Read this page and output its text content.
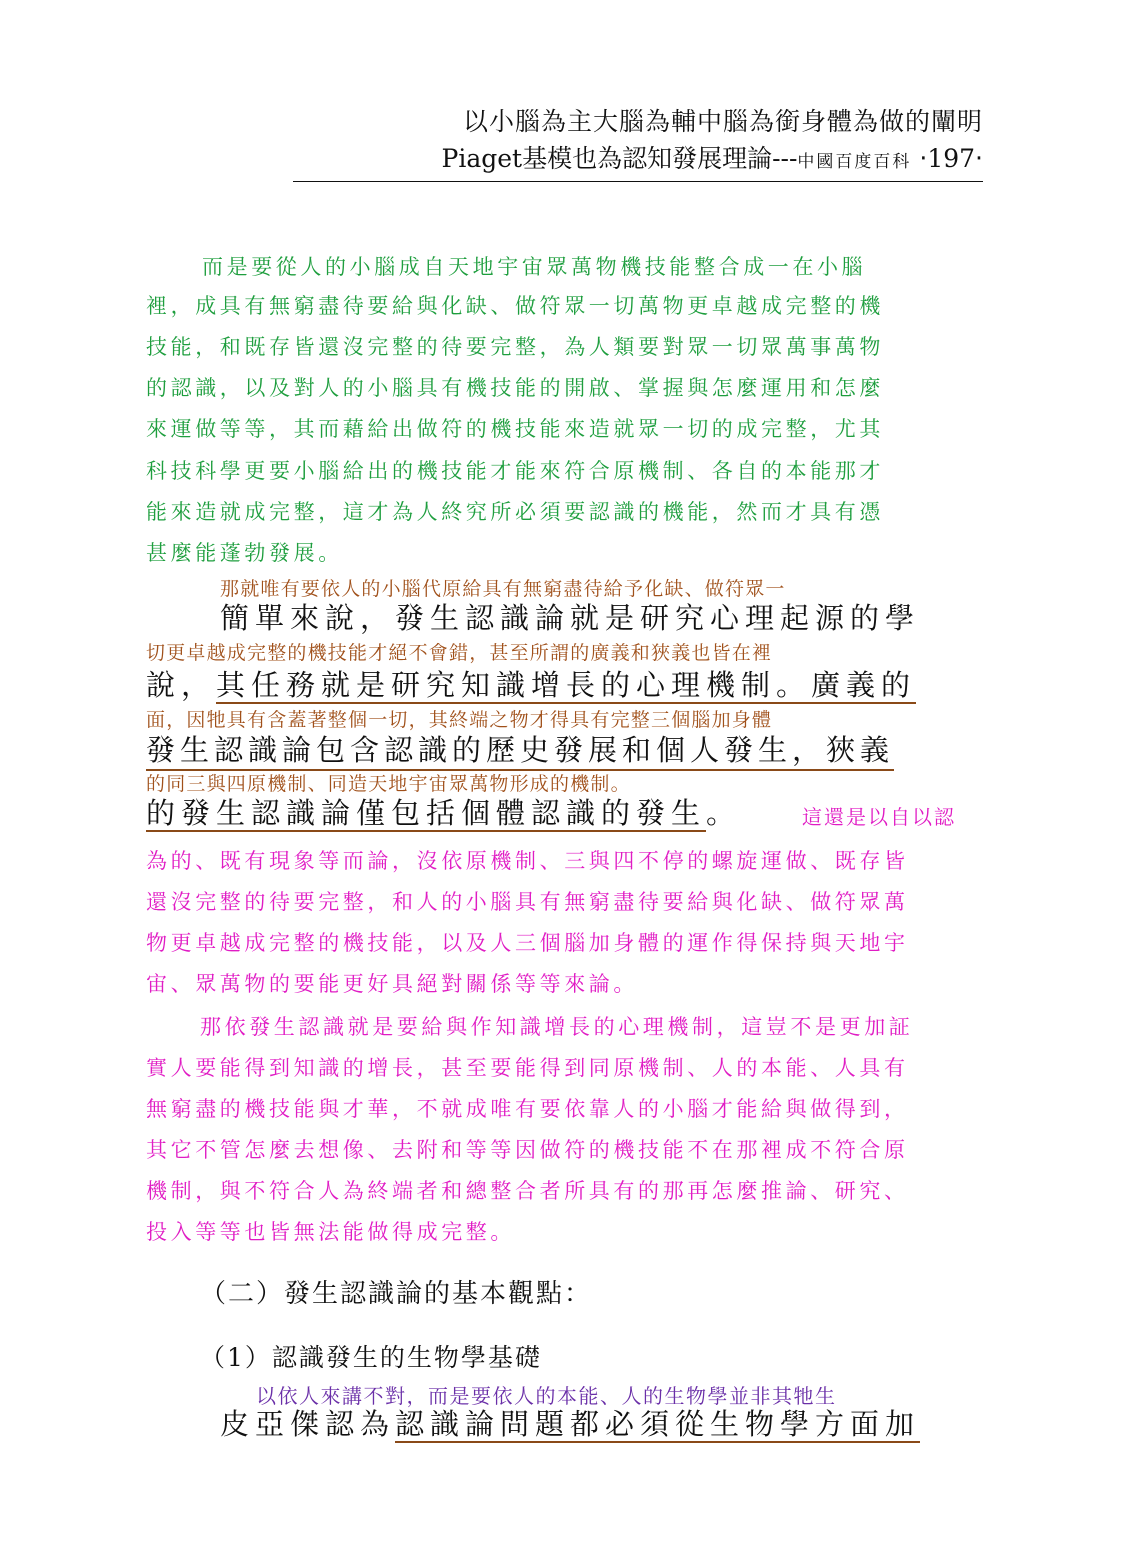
以小腦為主大腦為輔中腦為銜身體為做的闡明
Piaget基模也為認知發展理論---中國百度百科 ‧197‧
而是要從人的小腦成自天地宇宙眾萬物機技能整合成一在小腦
裡，成具有無窮盡待要給與化缺、做符眾一切萬物更卓越成完整的機
技能，和既存皆還沒完整的待要完整，為人類要對眾一切眾萬事萬物
的認識，以及對人的小腦具有機技能的開啟、掌握與怎麼運用和怎麼
來運做等等，其而藉給出做符的機技能來造就眾一切的成完整，尤其
科技科學更要小腦給出的機技能才能來符合原機制、各自的本能那才
能來造就成完整，這才為人終究所必須要認識的機能，然而才具有憑
甚麼能蓬勃發展。
那就唯有要依人的小腦代原給具有無窮盡待給予化缺、做符眾一
簡單來說，發生認識論就是研究心理起源的學
切更卓越成完整的機技能才絕不會錯，甚至所謂的廣義和狹義也皆在裡
說，其任務就是研究知識增長的心理機制。廣義的
面，因牠具有含蓋著整個一切，其終端之物才得具有完整三個腦加身體
發生認識論包含認識的歷史發展和個人發生，狹義
的同三與四原機制、同造天地宇宙眾萬物形成的機制。
的發生認識論僅包括個體認識的發生。	這還是以自以認
為的、既有現象等而論，沒依原機制、三與四不停的螺旋運做、既存皆
還沒完整的待要完整，和人的小腦具有無窮盡待要給與化缺、做符眾萬
物更卓越成完整的機技能，以及人三個腦加身體的運作得保持與天地宇
宙、眾萬物的要能更好具絕對關係等等來論。
那依發生認識就是要給與作知識增長的心理機制，這豈不是更加証
實人要能得到知識的增長，甚至要能得到同原機制、人的本能、人具有
無窮盡的機技能與才華，不就成唯有要依靠人的小腦才能給與做得到，
其它不管怎麼去想像、去附和等等因做符的機技能不在那裡成不符合原
機制，與不符合人為終端者和總整合者所具有的那再怎麼推論、研究、
投入等等也皆無法能做得成完整。
（二）發生認識論的基本觀點：
（1）認識發生的生物學基礎
以依人來講不對，而是要依人的本能、人的生物學並非其牠生
皮亞傑認為認識論問題都必須從生物學方面加
